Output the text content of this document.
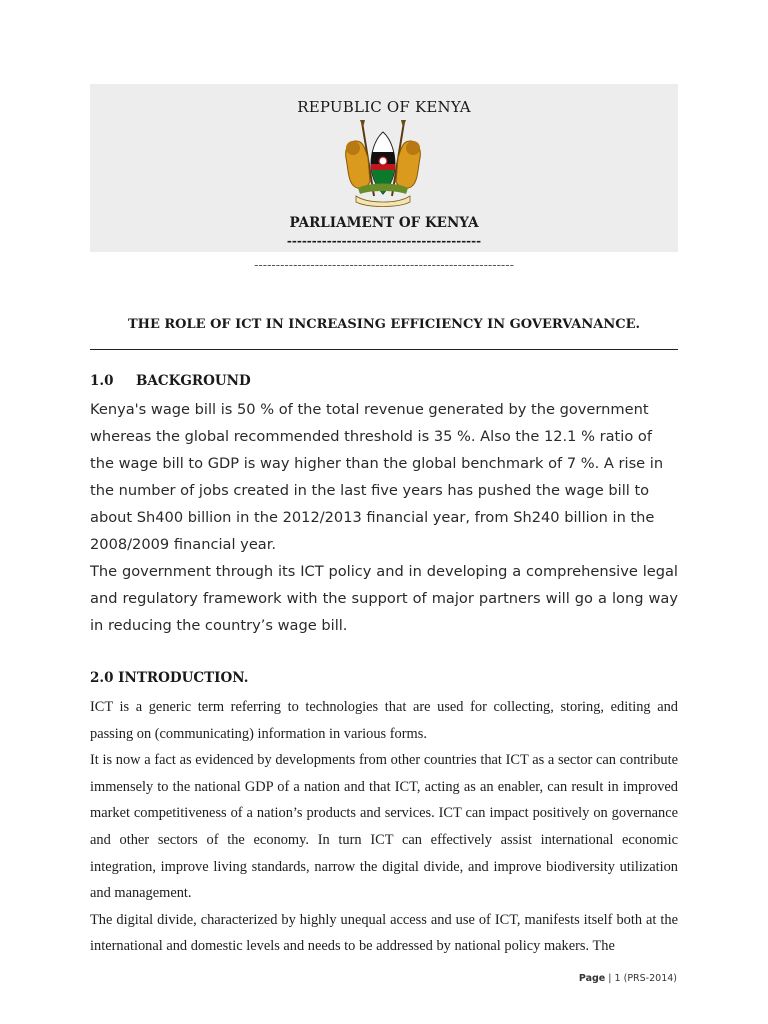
REPUBLIC OF KENYA
PARLIAMENT OF KENYA
---------------------------------------
------------------------------------------------------------
THE ROLE OF ICT IN INCREASING EFFICIENCY IN GOVERVANANCE.
1.0 BACKGROUND

Kenya's wage bill is 50 % of the total revenue generated by the government whereas the global recommended threshold is 35 %. Also the 12.1 % ratio of the wage bill to GDP is way higher than the global benchmark of 7 %. A rise in the number of jobs created in the last five years has pushed the wage bill to about Sh400 billion in the 2012/2013 financial year, from Sh240 billion in the 2008/2009 financial year.

The government through its ICT policy and in developing a comprehensive legal and regulatory framework with the support of major partners will go a long way in reducing the country’s wage bill.

2.0 INTRODUCTION.

ICT is a generic term referring to technologies that are used for collecting, storing, editing and passing on (communicating) information in various forms.

It is now a fact as evidenced by developments from other countries that ICT as a sector can contribute immensely to the national GDP of a nation and that ICT, acting as an enabler, can result in improved market competitiveness of a nation’s products and services. ICT can impact positively on governance and other sectors of the economy. In turn ICT can effectively assist international economic integration, improve living standards, narrow the digital divide, and improve biodiversity utilization and management.

The digital divide, characterized by highly unequal access and use of ICT, manifests itself both at the international and domestic levels and needs to be addressed by national policy makers. The

Page | 1 (PRS-2014)
